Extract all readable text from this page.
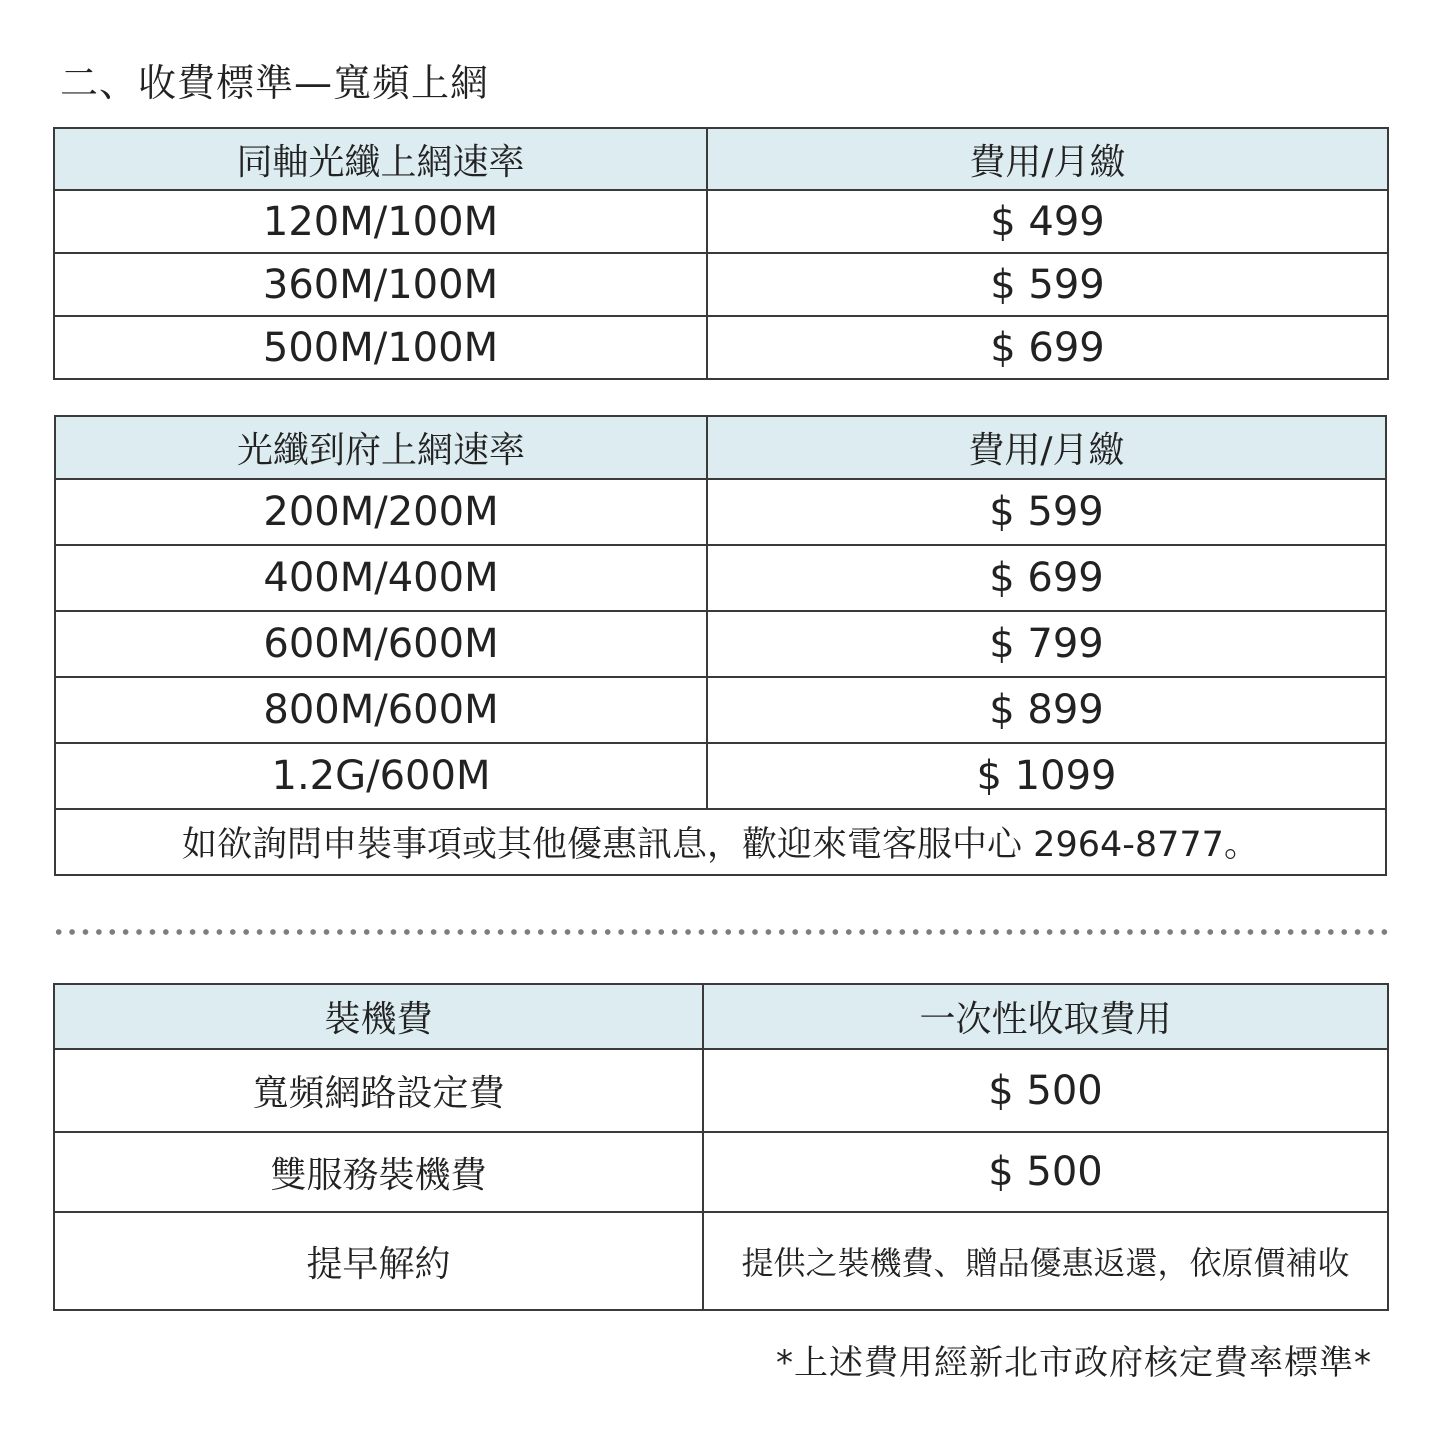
二、收費標準—寬頻上網
同軸光纖上網速率	費用/月繳
120M/100M	$ 499
360M/100M	$ 599
500M/100M	$ 699
光纖到府上網速率	費用/月繳
200M/200M	$ 599
400M/400M	$ 699
600M/600M	$ 799
800M/600M	$ 899
1.2G/600M	$ 1099
如欲詢問申裝事項或其他優惠訊息，歡迎來電客服中心 2964-8777。	
裝機費	一次性收取費用
寬頻網路設定費	$ 500
雙服務裝機費	$ 500
提早解約	提供之裝機費、贈品優惠返還，依原價補收
*上述費用經新北市政府核定費率標準*
